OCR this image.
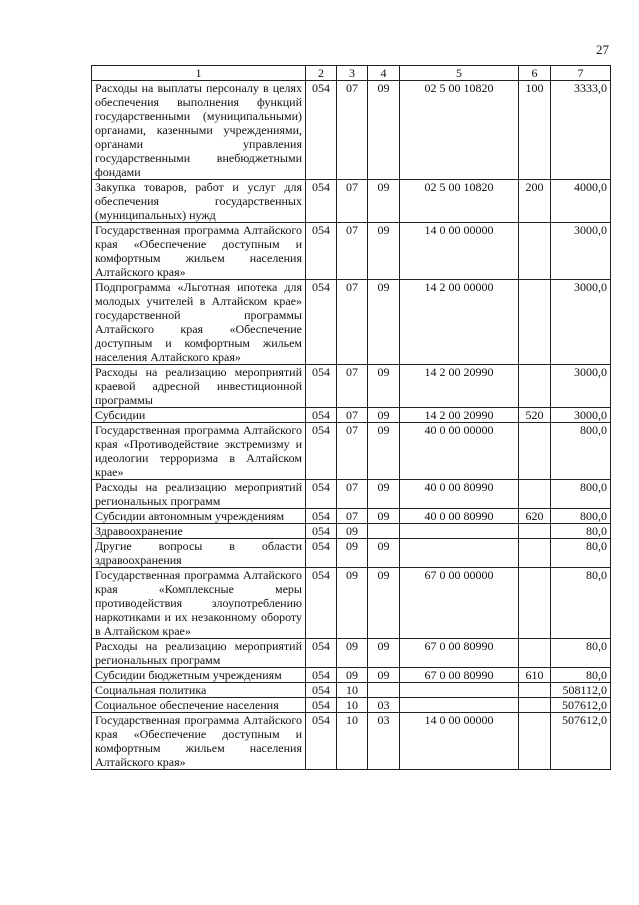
27
1	2	3	4	5	6	7
Расходы на выплаты персоналу в целях обеспечения выполнения функций государственными (муниципальными) органами, казенными учреждениями, органами управления государственными внебюджетными фондами	054	07	09	02 5 00 10820	100	3333,0
Закупка товаров, работ и услуг для обеспечения государственных (муниципальных) нужд	054	07	09	02 5 00 10820	200	4000,0
Государственная программа Алтайского края «Обеспечение доступным и комфортным жильем населения Алтайского края»	054	07	09	14 0 00 00000		3000,0
Подпрограмма «Льготная ипотека для молодых учителей в Алтайском крае» государственной программы Алтайского края «Обеспечение доступным и комфортным жильем населения Алтайского края»	054	07	09	14 2 00 00000		3000,0
Расходы на реализацию мероприятий краевой адресной инвестиционной программы	054	07	09	14 2 00 20990		3000,0
Субсидии	054	07	09	14 2 00 20990	520	3000,0
Государственная программа Алтайского края «Противодействие экстремизму и идеологии терроризма в Алтайском крае»	054	07	09	40 0 00 00000		800,0
Расходы на реализацию мероприятий региональных программ	054	07	09	40 0 00 80990		800,0
Субсидии автономным учреждениям	054	07	09	40 0 00 80990	620	800,0
Здравоохранение	054	09				80,0
Другие вопросы в области здравоохранения	054	09	09			80,0
Государственная программа Алтайского края «Комплексные меры противодействия злоупотреблению наркотиками и их незаконному обороту в Алтайском крае»	054	09	09	67 0 00 00000		80,0
Расходы на реализацию мероприятий региональных программ	054	09	09	67 0 00 80990		80,0
Субсидии бюджетным учреждениям	054	09	09	67 0 00 80990	610	80,0
Социальная политика	054	10				508112,0
Социальное обеспечение населения	054	10	03			507612,0
Государственная программа Алтайского края «Обеспечение доступным и комфортным жильем населения Алтайского края»	054	10	03	14 0 00 00000		507612,0
